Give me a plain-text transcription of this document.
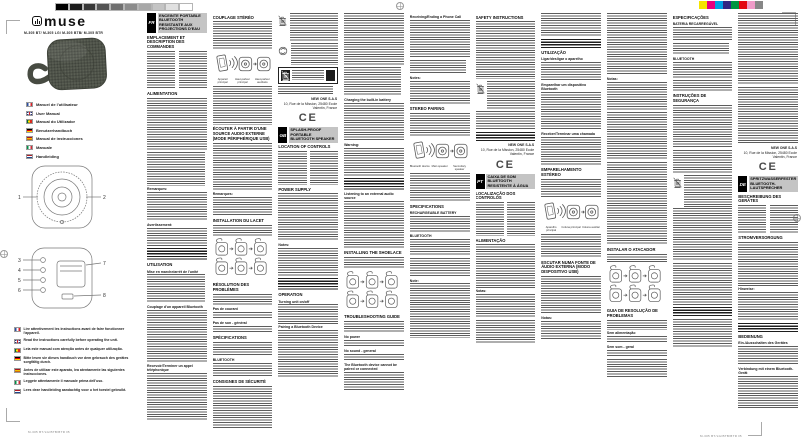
muse
M-305 BT/ M-305 LG/ M-305 BTB/ M-305 BTR
Manuel de l'utilisateur
User Manual
Manual do Utilizador
Benutzerhandbuch
Manual de instrucciones
Manuale
Handleiding
1	2
3
4
5
6
7
8
Lire attentivement les instructions avant de faire fonctionner l'appareil.
Read the instructions carefully before operating the unit.
Leia este manual com atenção antes de qualquer utilização.
Bitte lesen sie dieses handbuch vor dem gebrauch des gerätes sorgfältig durch.
Antes de utilizar este aparato, lea atentamente las siguientes instrucciones.
Leggete attentamente il manuale prima dell'uso.
Lees deze handleiding aandachtig voor u het toestel gebruikt.
FR
ENCEINTE PORTABLE BLUETOOTH RESISTANTE AUX PROJECTIONS D'EAU
EMPLACEMENT ET DESCRIPTION DES COMMANDES
ALIMENTATION
Remarques:
Avertissement:
UTILISATION
Mise en marche/arrêt de l'unité
Couplage d'un appareil Bluetooth
Recevoir/Terminer un appel téléphonique
COUPLAGE STÉRÉO
Appareil principal
Haut-parleur principal
Haut-parleur auxiliaire
ÉCOUTER À PARTIR D'UNE SOURCE AUDIO EXTERNE (MODE PÉRIPHÉRIQUE USB)
Remarques:
INSTALLATION DU LACET
RÉSOLUTION DES PROBLÈMES
Pas de courant
Pas de son - général
SPÉCIFICATIONS
BLUETOOTH
CONSIGNES DE SÉCURITÉ
NEW ONE S.A.S
10, Rue de la Mission, 25480 Ecole Valentin, France
CE
GB
SPLASH-PROOF PORTABLE BLUETOOTH SPEAKER
LOCATION OF CONTROLS
POWER SUPPLY
Notes:
OPERATION
Turning unit on/off
Pairing a Bluetooth Device
Charging the built-in battery
Warning:
Listening to an external audio source
INSTALLING THE SHOELACE
TROUBLESHOOTING GUIDE
No power
No sound - general
The Bluetooth device cannot be paired or connected
Receiving/Ending a Phone Call
Notes:
STEREO PAIRING
Bluetooth device Main speaker	Secondary speaker
SPECIFICATIONS
RECHARGEABLE BATTERY
BLUETOOTH
Note:
SAFETY INSTRUCTIONS
NEW ONE S.A.S
10, Rue de la Mission, 25480 Ecole Valentin, France
CE
PT
CAIXA DE SOM BLUETOOTH RESISTENTE À ÁGUA
LOCALIZAÇÃO DOS CONTROLOS
ALIMENTAÇÃO
Notas:
UTILIZAÇÃO
Ligar/desligar o aparelho
Emparelhar um dispositivo Bluetooth
Receber/Terminar uma chamada
EMPARELHAMENTO ESTÉREO
Aparelho principal
Coluna principal Coluna auxiliar
ESCUTAR NUMA FONTE DE ÁUDIO EXTERNA (MODO DISPOSITIVO USB)
Notas:
Notas:
INSTALAR O ATACADOR
GUIA DE RESOLUÇÃO DE PROBLEMAS
Sem alimentação
Sem som - geral
ESPECIFICAÇÕES
BATERIA RECARREGÁVEL
BLUETOOTH
INSTRUÇÕES DE SEGURANÇA
NEW ONE S.A.S
10, Rue de la Mission, 25480 Ecole Valentin, France
CE
DE
SPRITZWASSERFESTER BLUETOOTH-LAUTSPRECHER
BESCHREIBUNG DES GERÄTES
STROMVERSORGUNG
Hinweise:
BEDIENUNG
Ein-/Ausschalten des Gerätes
Verbindung mit einem Bluetooth-Gerät
M-305 BT/LG/BTB/BTR IB
M-305 BT/LG/BTB/BTR IB
